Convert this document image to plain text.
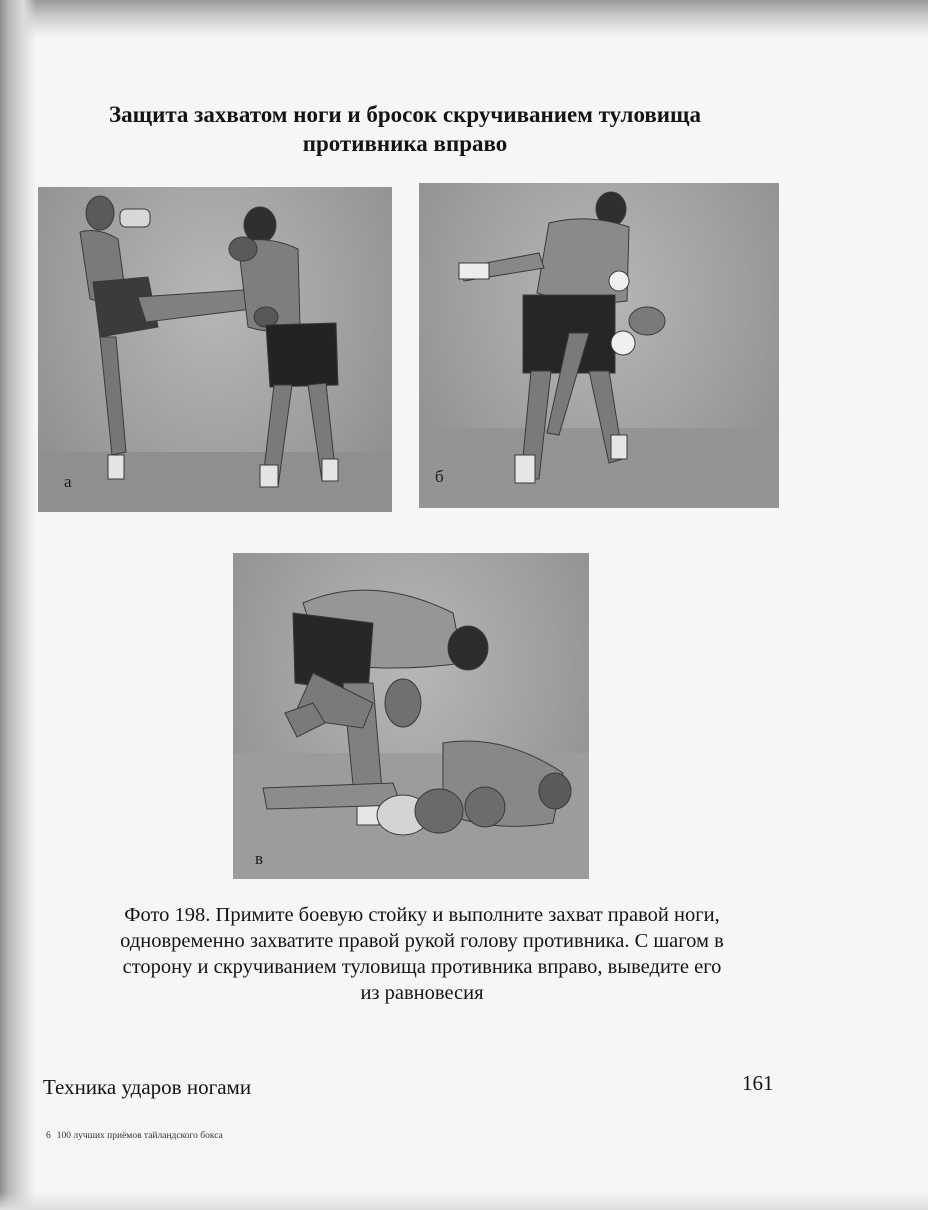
Защита захватом ноги и бросок скручиванием туловища
противника вправо
а	б
в
Фото 198. Примите боевую стойку и выполните захват правой ноги,
одновременно захватите правой рукой голову противника. С шагом в
сторону и скручиванием туловища противника вправо, выведите его
из равновесия
Техника ударов ногами	161
6 100 лучших приёмов тайландского бокса
